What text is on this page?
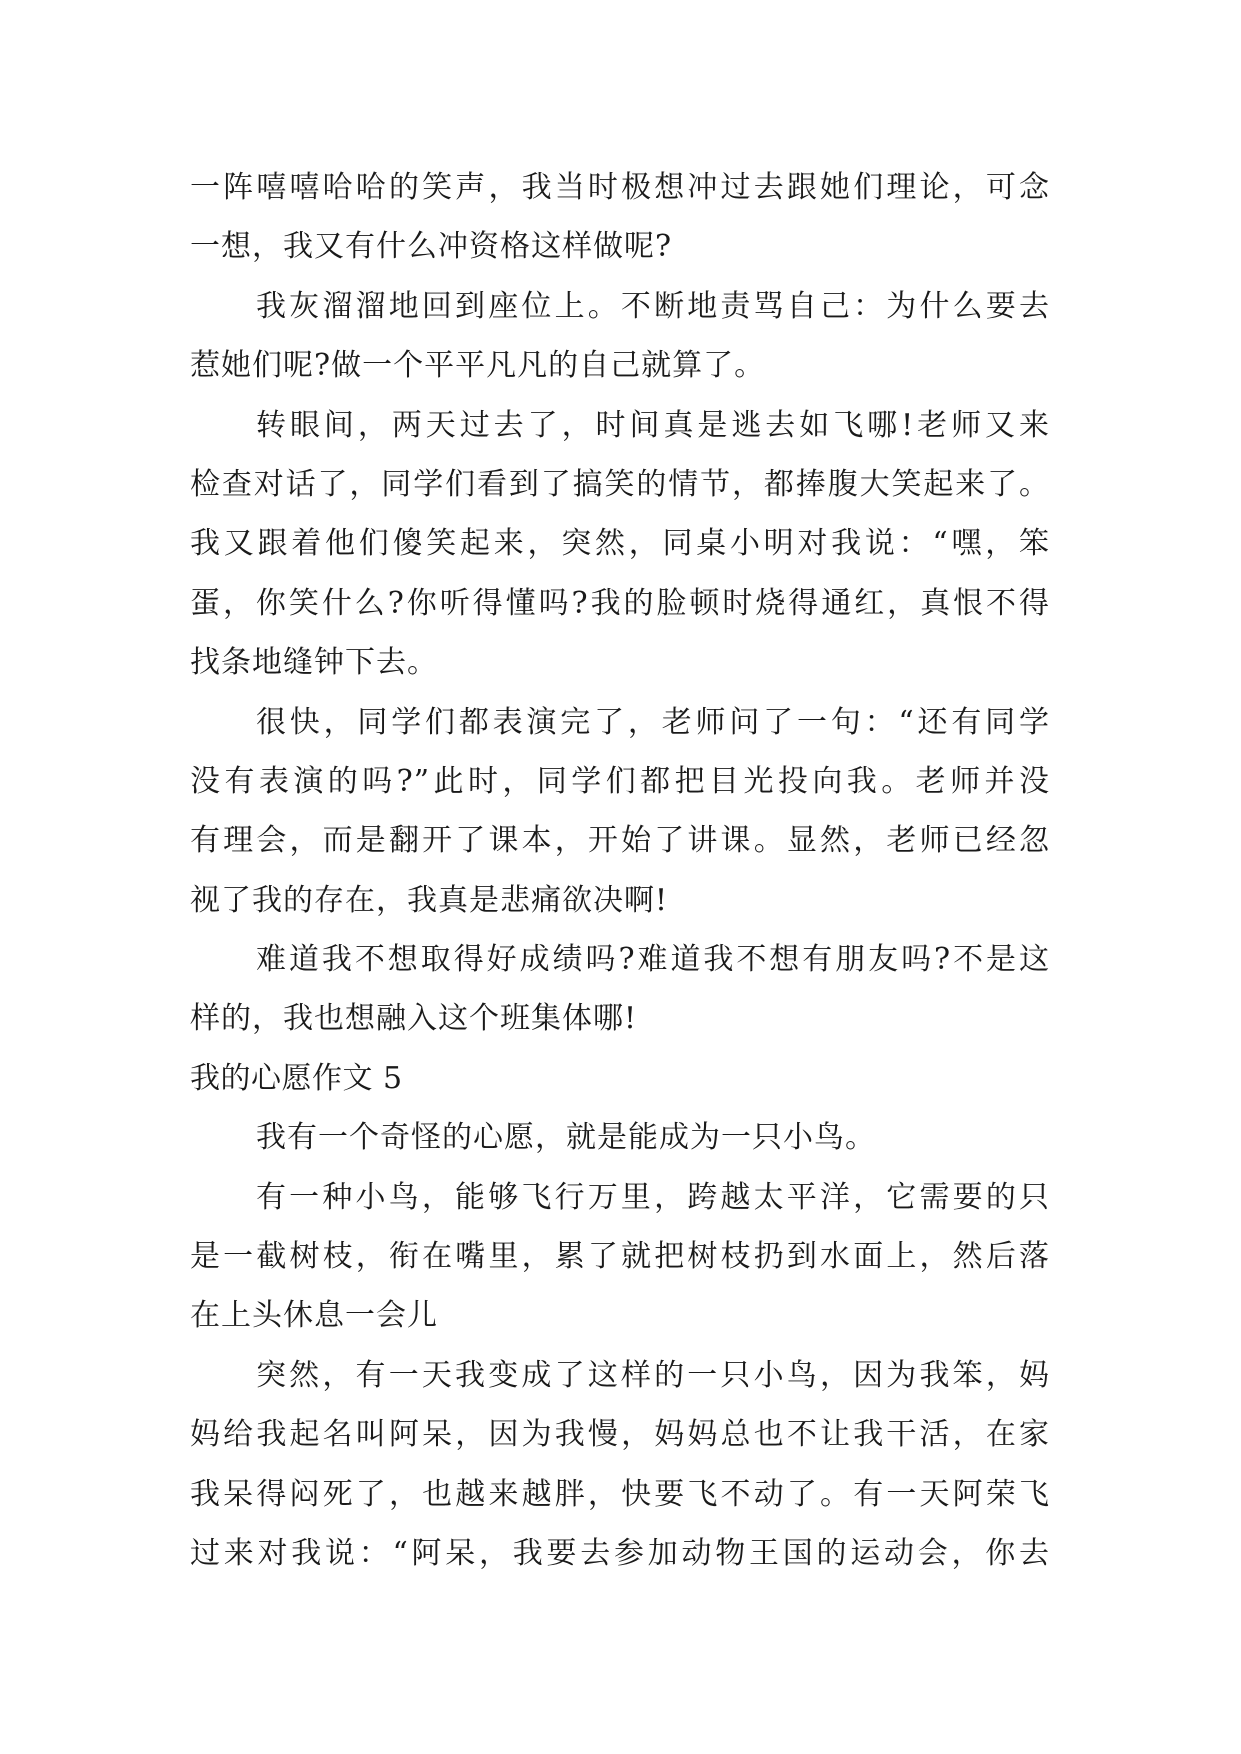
一阵嘻嘻哈哈的笑声，我当时极想冲过去跟她们理论，可念
一想，我又有什么冲资格这样做呢?
我灰溜溜地回到座位上。不断地责骂自己：为什么要去
惹她们呢?做一个平平凡凡的自己就算了。
转眼间，两天过去了，时间真是逃去如飞哪!老师又来
检查对话了，同学们看到了搞笑的情节，都捧腹大笑起来了。
我又跟着他们傻笑起来，突然，同桌小明对我说：“嘿，笨
蛋，你笑什么?你听得懂吗?我的脸顿时烧得通红，真恨不得
找条地缝钟下去。
很快，同学们都表演完了，老师问了一句：“还有同学
没有表演的吗?”此时，同学们都把目光投向我。老师并没
有理会，而是翻开了课本，开始了讲课。显然，老师已经忽
视了我的存在，我真是悲痛欲决啊!
难道我不想取得好成绩吗?难道我不想有朋友吗?不是这
样的，我也想融入这个班集体哪!
我的心愿作文 5
我有一个奇怪的心愿，就是能成为一只小鸟。
有一种小鸟，能够飞行万里，跨越太平洋，它需要的只
是一截树枝，衔在嘴里，累了就把树枝扔到水面上，然后落
在上头休息一会儿
突然，有一天我变成了这样的一只小鸟，因为我笨，妈
妈给我起名叫阿呆，因为我慢，妈妈总也不让我干活，在家
我呆得闷死了，也越来越胖，快要飞不动了。有一天阿荣飞
过来对我说：“阿呆，我要去参加动物王国的运动会，你去
